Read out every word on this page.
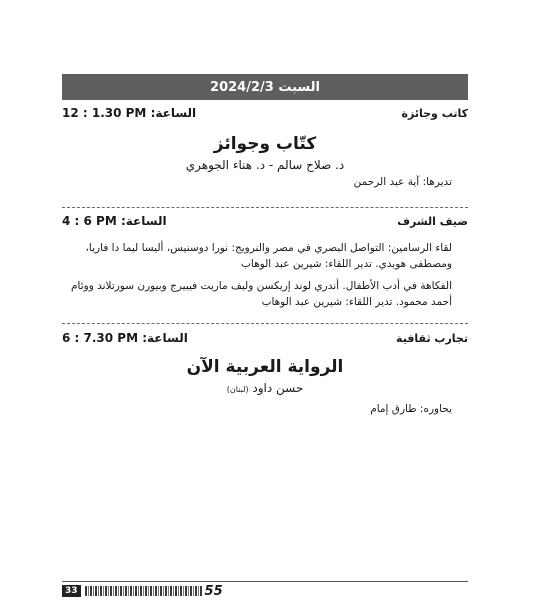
السبت 2024/2/3
كاتب وجائزة
12 : 1.30 PM الساعة:
كتّاب وجوائز
د. صلاح سالم - د. هناء الجوهري
تديرها: آية عبد الرحمن
ضيف الشرف
4 : 6 PM الساعة:
لقاء الرسامين: التواصل البصري في مصر والنرويج: نورا دوسنيس، أليسا ليما دا فاريا، ومصطفى هويدي. تدير اللقاء: شيرين عبد الوهاب
الفكاهة في أدب الأطفال. أندري لوند إريكسن وليف ماريت فيبيرج وبيورن سورتلاند ووئام أحمد محمود. تدير اللقاء: شيرين عبد الوهاب
تجارب ثقافية
6 : 7.30 PM الساعة:
الرواية العربية الآن
حسن داود (لبنان)
يحاوره: طارق إمام
33	55
